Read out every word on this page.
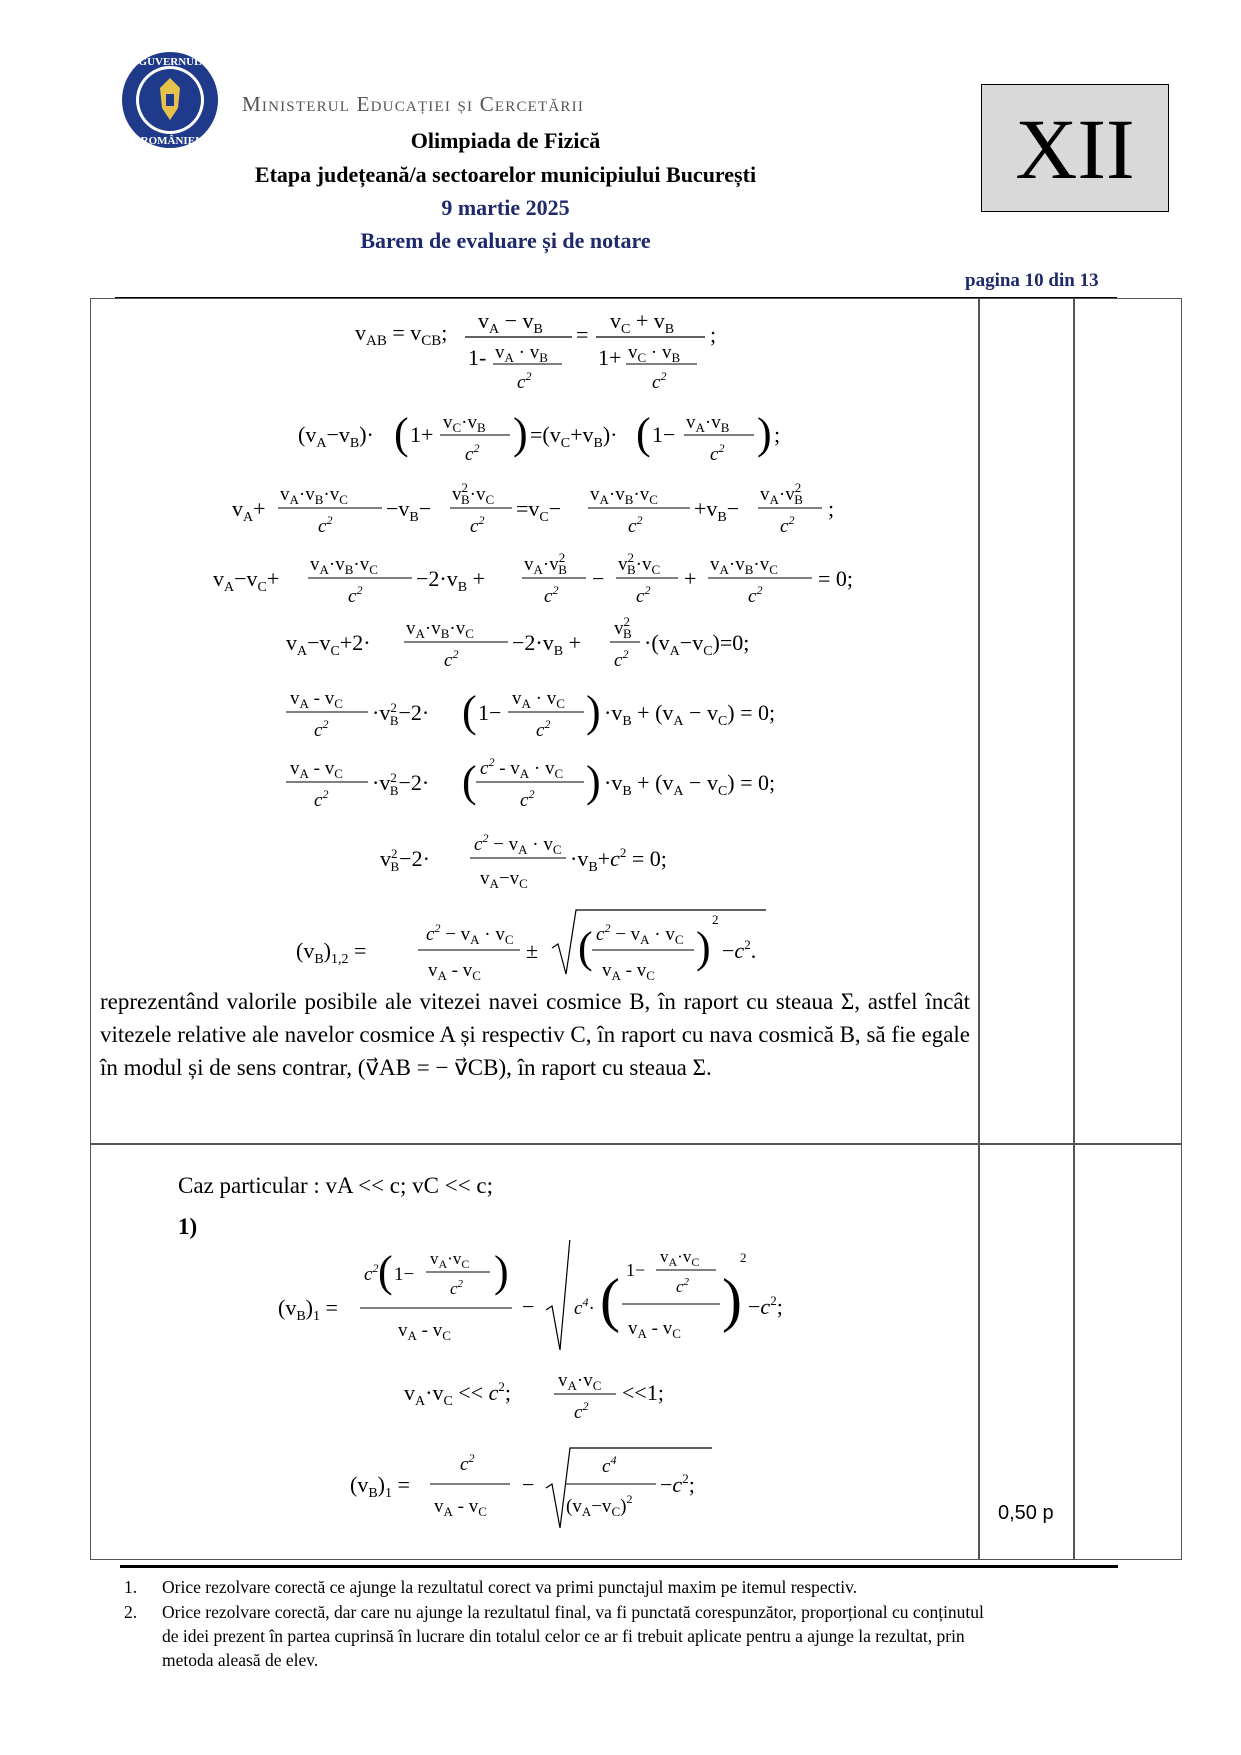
GUVERNUL
ROMÂNIEI
Ministerul Educației și Cercetării
Olimpiada de Fizică
Etapa județeană/a sectoarelor municipiului București
9 martie 2025
Barem de evaluare și de notare
XII
pagina 10 din 13
$v_{AB} = v_{CB}$; $v_A - v_B$
1- $v_A \cdot v_B$
$c^2$
=
$v_C + v_B$
$1+ v_C \cdot v_B$
$c^2$
;
$(v_A-v_B)\cdot$ ( $1+ v_C\cdot v_B$
$c^2$ ) $=(v_C+v_B)\cdot$ ( $1- v_A\cdot v_B$
$c^2$ ) ;
$v_A+$
$v_A\cdot v_B\cdot v_C$
$c^2 -v_B-$
$v^2$ $B\cdot v_C$
$c^2 =v_C-$
$v_A\cdot v_B\cdot v_C$
$c^2 +v_B-$
$v_A\cdot v^2$ B
$c^2$ ;
$v_A-v_C+$
$v_A\cdot v_B\cdot v_C$
$c^2 -2\cdot v_B$ +
$v_A\cdot v^2$ B
$c^2$ −
$v^2$ $B\cdot v_C$
$c^2$ +
$v_A\cdot v_B\cdot v_C$
$c^2$	= 0;
$v_A-v_C+2\cdot$
$v_A\cdot v_B\cdot v_C$
$c^2 -2\cdot v_B$ +
$v^2$ B
$c^2 \cdot(v_A-v_C)=0$;
$v_A - v_C$
$c^2 \cdot v^2$ B−2· ( 1−
$v_A \cdot v_C$
$c^2$ ) $\cdot v_B + (v_A - v_C) = 0$;
$v_A - v_C$
$c^2 \cdot v^2$ B−2· ( $c^2 - v_A \cdot v_C$
$c^2$ ) $\cdot v_B + (v_A - v_C) = 0$;
$v^2$ B−2·
$c^2 - v_A \cdot v_C$
$v_A-v_C$
$\cdot v_B+c^2 = 0$;
$(v_B)_{1,2}$ =
$c^2 - v_A \cdot v_C$
$v_A - v_C$
± ( $c^2 - v_A \cdot v_C$
$v_A - v_C$
)
2
$-c^2$.
reprezentând valorile posibile ale vitezei navei cosmice B, în raport cu steaua Σ, astfel încât vitezele relative ale navelor cosmice A și respectiv C, în raport cu nava cosmică B, să fie egale în modul și de sens contrar, (v⃗AB = − v⃗CB), în raport cu steaua Σ.
Caz particular : vA << c; vC << c;
1)
$(v_B)_1$ =
$c^2$ ( 1−
$v_A\cdot v_C$
$c^2$ )
$v_A - v_C$
− $c^4\cdot$ ( 1−
$v_A\cdot v_C$
$c^2$
$v_A - v_C$
)
2
$-c^2$;
$v_A\cdot v_C << c^2$; $v_A\cdot v_C$
$c^2$
<<1;
$(v_B)_1$ =
$c^2$
$v_A - v_C$
−
$c^4$
$(v_A-v_C)^2$
$-c^2$;
0,50 p
1. Orice rezolvare corectă ce ajunge la rezultatul corect va primi punctajul maxim pe itemul respectiv.
2. Orice rezolvare corectă, dar care nu ajunge la rezultatul final, va fi punctată corespunzător, proporțional cu conținutul de idei prezent în partea cuprinsă în lucrare din totalul celor ce ar fi trebuit aplicate pentru a ajunge la rezultat, prin metoda aleasă de elev.
